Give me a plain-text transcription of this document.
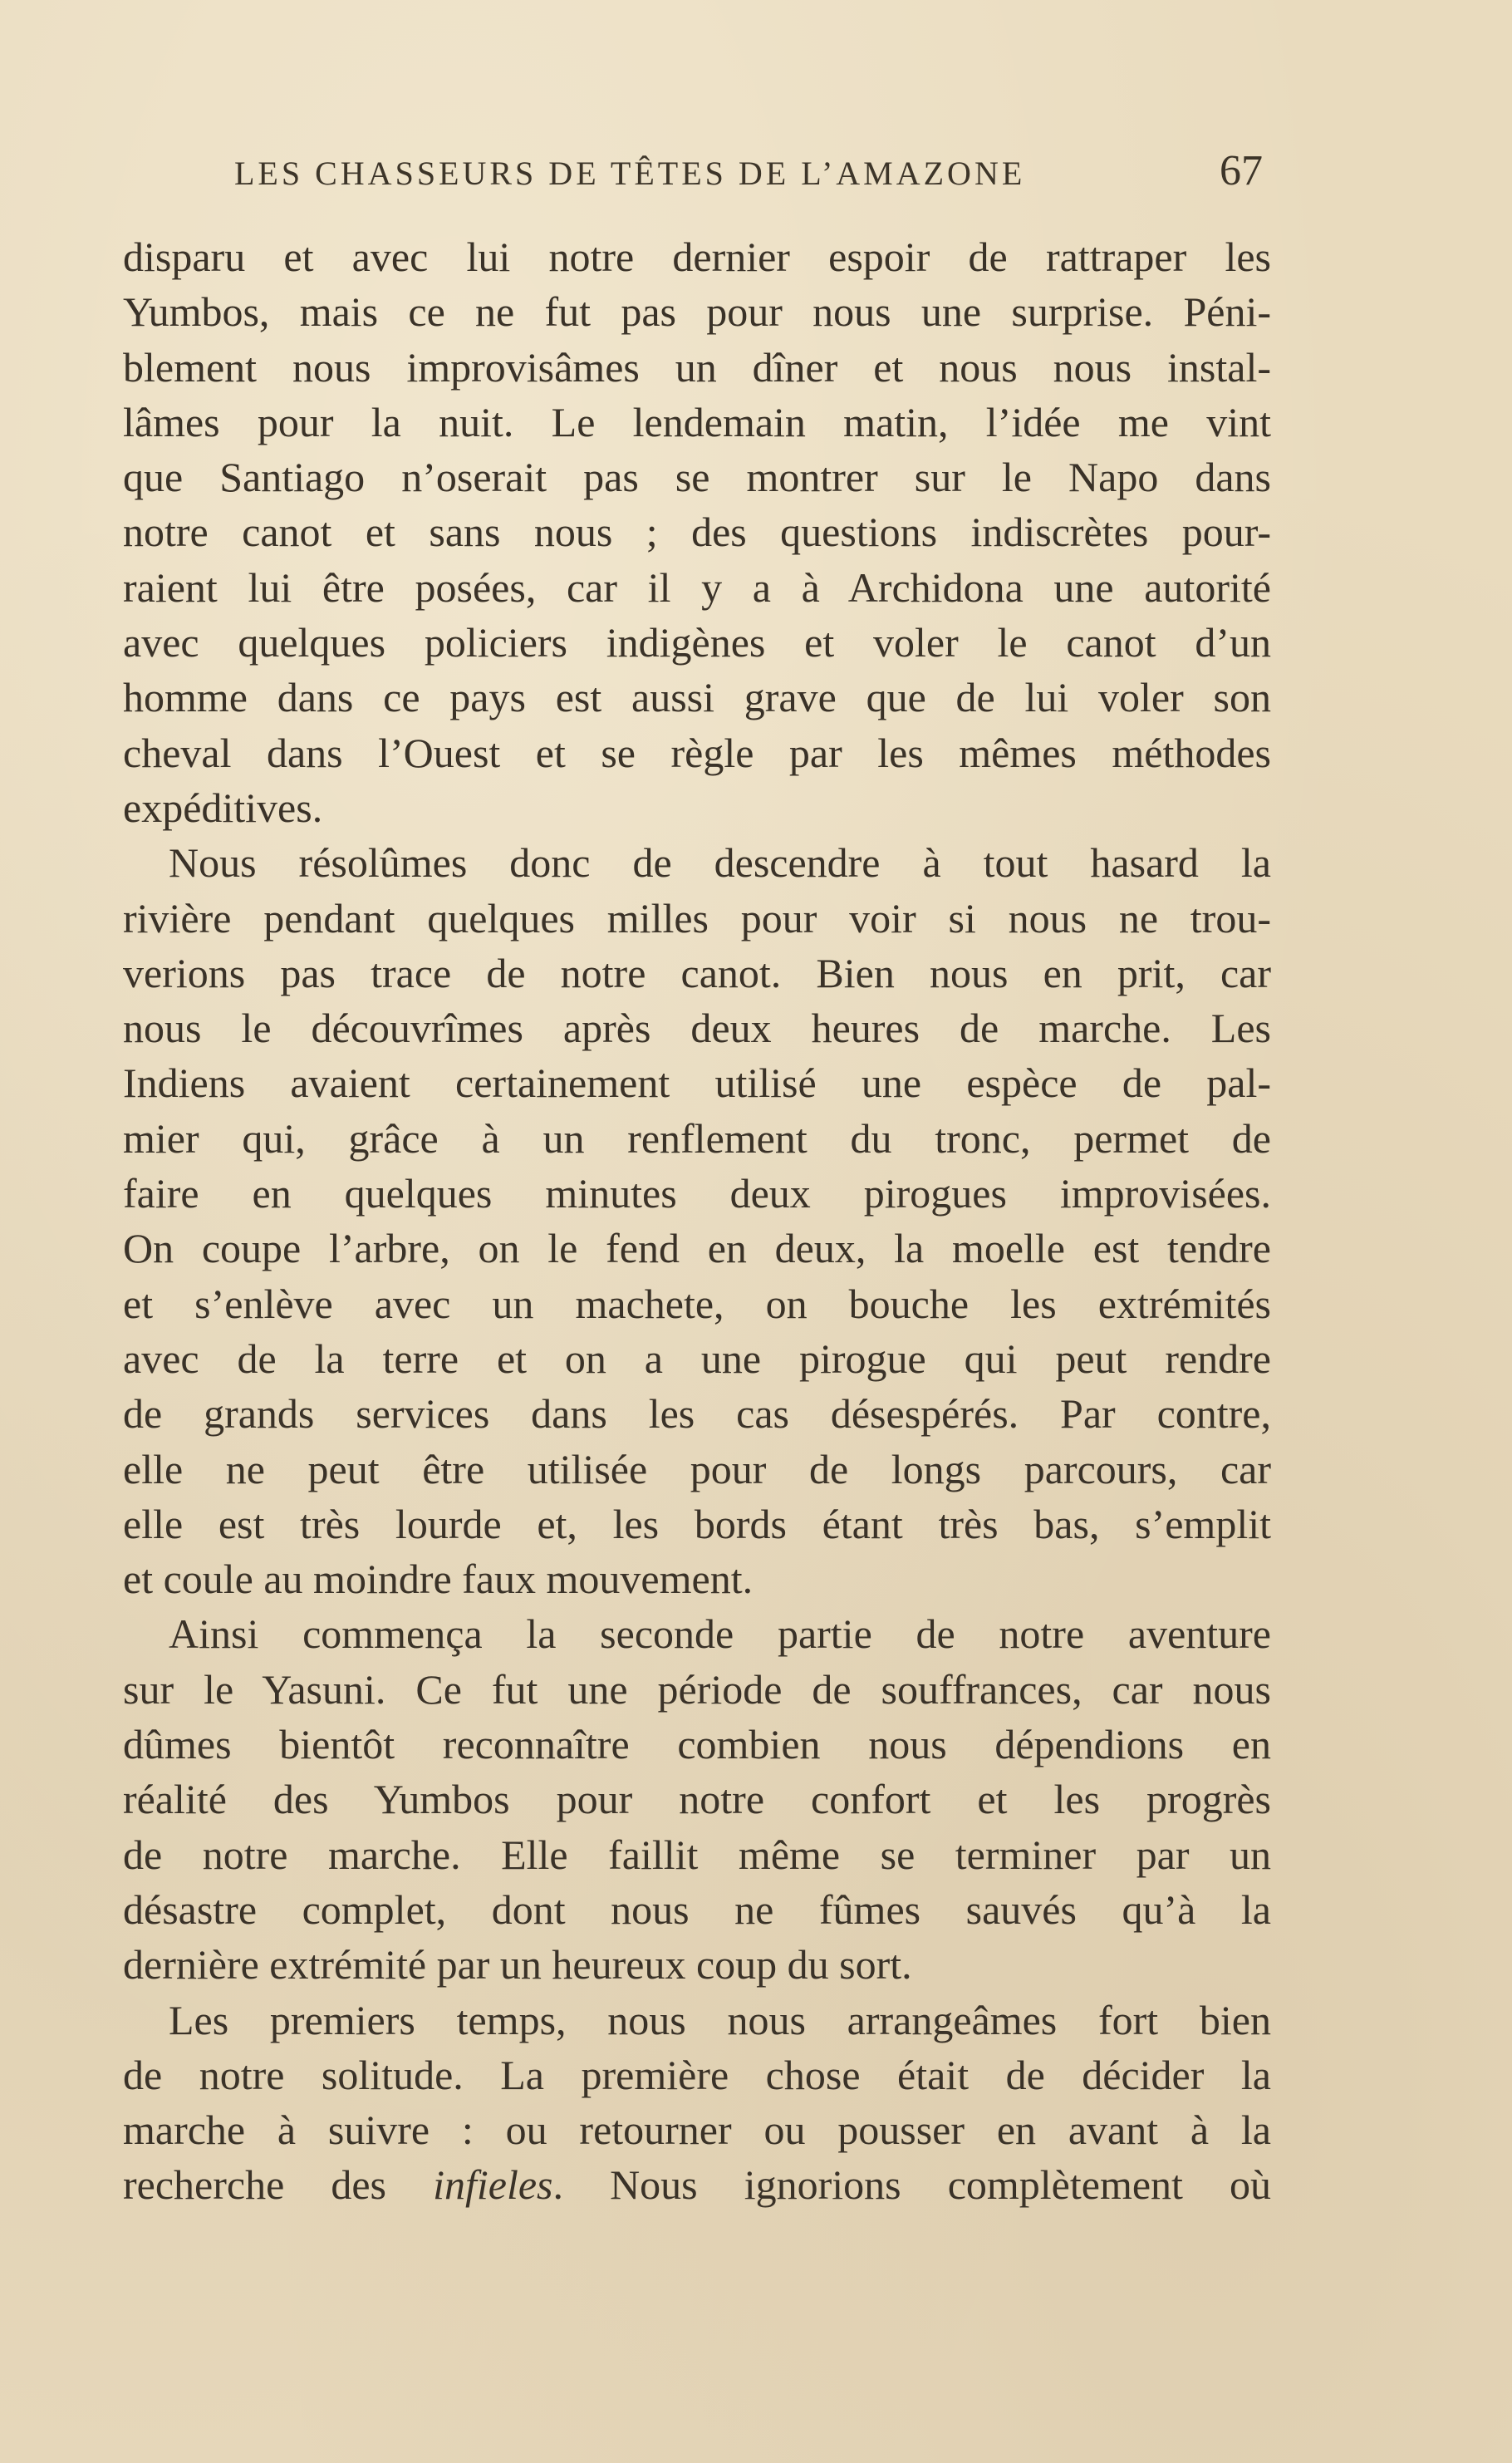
LES CHASSEURS DE TÊTES DE L’AMAZONE	67
disparu et avec lui notre dernier espoir de rattraper les
Yumbos, mais ce ne fut pas pour nous une surprise. Péni-
blement nous improvisâmes un dîner et nous nous instal-
lâmes pour la nuit. Le lendemain matin, l’idée me vint
que Santiago n’oserait pas se montrer sur le Napo dans
notre canot et sans nous ; des questions indiscrètes pour-
raient lui être posées, car il y a à Archidona une autorité
avec quelques policiers indigènes et voler le canot d’un
homme dans ce pays est aussi grave que de lui voler son
cheval dans l’Ouest et se règle par les mêmes méthodes
expéditives.
Nous résolûmes donc de descendre à tout hasard la
rivière pendant quelques milles pour voir si nous ne trou-
verions pas trace de notre canot. Bien nous en prit, car
nous le découvrîmes après deux heures de marche. Les
Indiens avaient certainement utilisé une espèce de pal-
mier qui, grâce à un renflement du tronc, permet de
faire en quelques minutes deux pirogues improvisées.
On coupe l’arbre, on le fend en deux, la moelle est tendre
et s’enlève avec un machete, on bouche les extrémités
avec de la terre et on a une pirogue qui peut rendre
de grands services dans les cas désespérés. Par contre,
elle ne peut être utilisée pour de longs parcours, car
elle est très lourde et, les bords étant très bas, s’emplit
et coule au moindre faux mouvement.
Ainsi commença la seconde partie de notre aventure
sur le Yasuni. Ce fut une période de souffrances, car nous
dûmes bientôt reconnaître combien nous dépendions en
réalité des Yumbos pour notre confort et les progrès
de notre marche. Elle faillit même se terminer par un
désastre complet, dont nous ne fûmes sauvés qu’à la
dernière extrémité par un heureux coup du sort.
Les premiers temps, nous nous arrangeâmes fort bien
de notre solitude. La première chose était de décider la
marche à suivre : ou retourner ou pousser en avant à la
recherche des infieles. Nous ignorions complètement où
